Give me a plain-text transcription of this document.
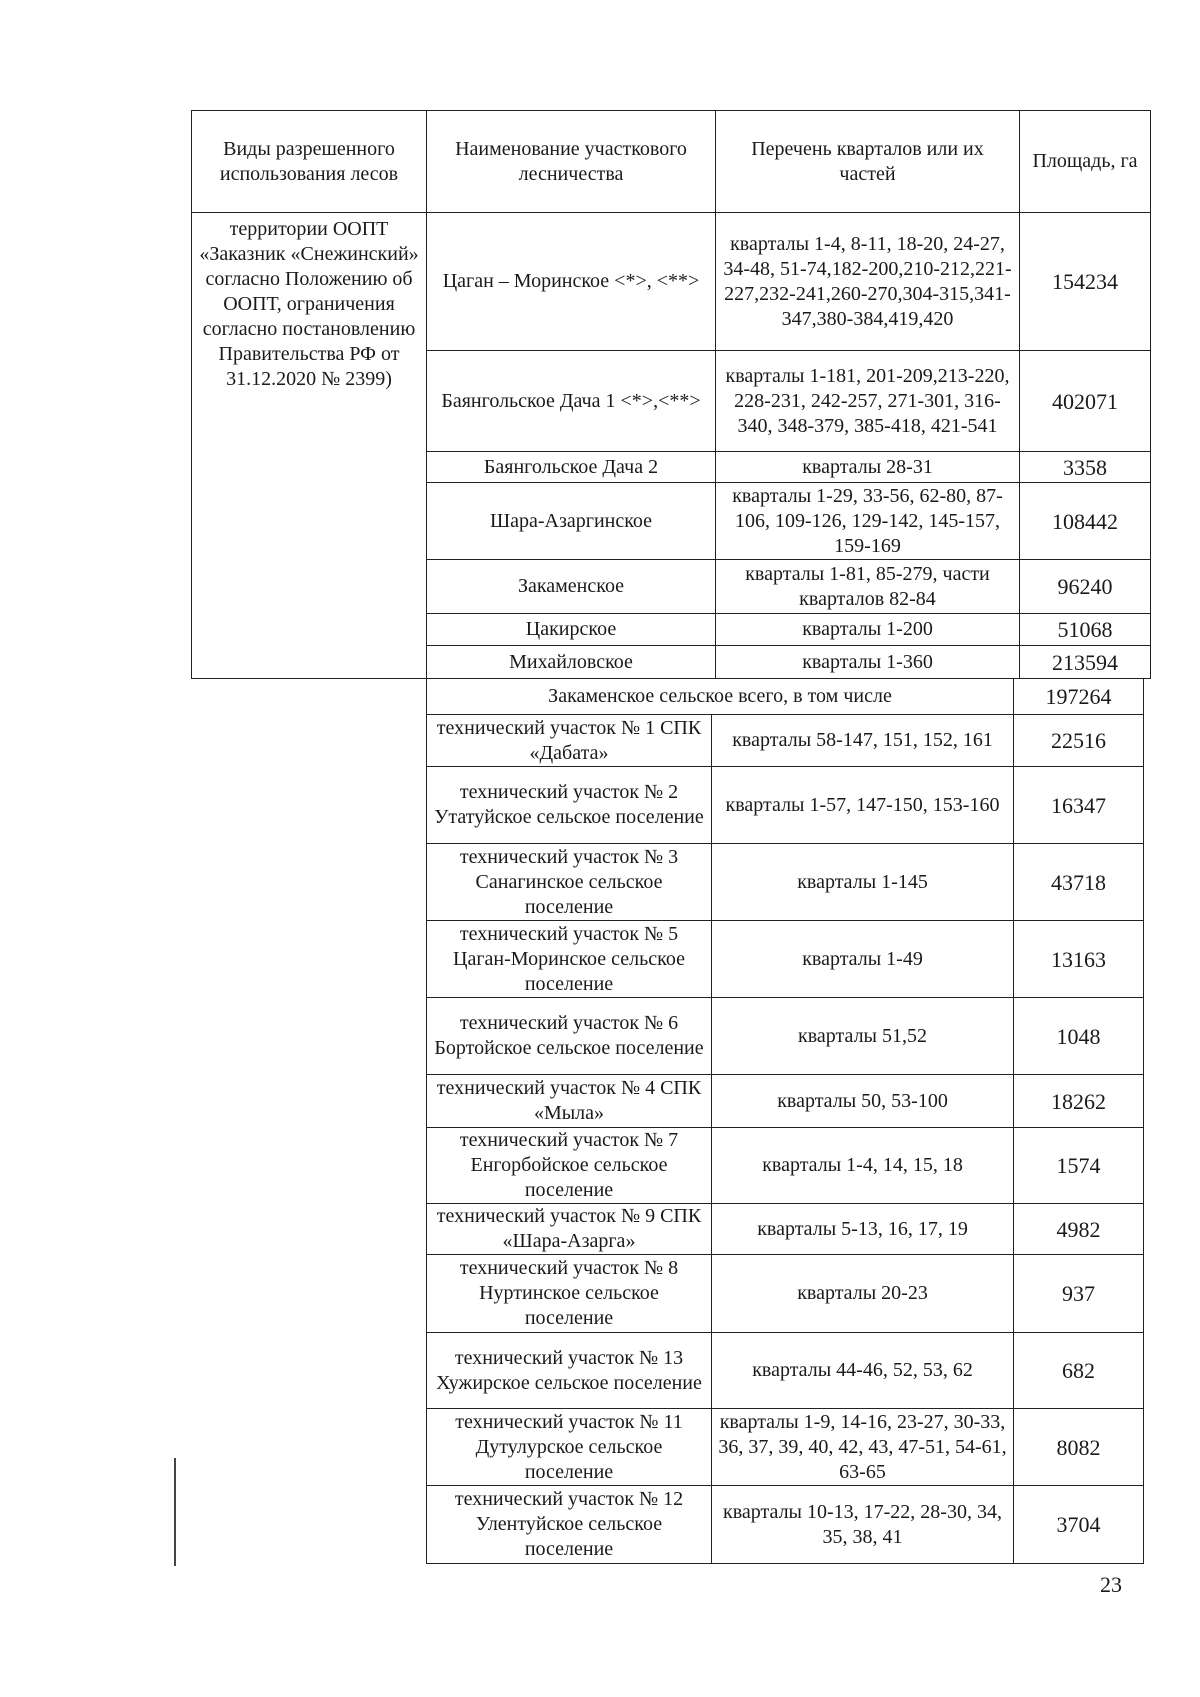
Виды разрешенного использования лесов	Наименование участкового лесничества	Перечень кварталов или их частей	Площадь, га
территории ООПТ «Заказник «Снежинский» согласно Положению об ООПТ, ограничения согласно постановлению Правительства РФ от 31.12.2020 № 2399)	Цаган – Моринское <*>, <**>	кварталы 1-4, 8-11, 18-20, 24-27, 34-48, 51-74,182-200,210-212,221-227,232-241,260-270,304-315,341-347,380-384,419,420	154234
	Баянгольское Дача 1 <*>,<**>	кварталы 1-181, 201-209,213-220, 228-231, 242-257, 271-301, 316-340, 348-379, 385-418, 421-541	402071
	Баянгольское Дача 2	кварталы 28-31	3358
	Шара-Азаргинское	кварталы 1-29, 33-56, 62-80, 87-106, 109-126, 129-142, 145-157, 159-169	108442
	Закаменское	кварталы 1-81, 85-279, части кварталов 82-84	96240
	Цакирское	кварталы 1-200	51068
	Михайловское	кварталы 1-360	213594
Закаменское сельское всего, в том числе		197264
технический участок № 1 СПК «Дабата»	кварталы 58-147, 151, 152, 161	22516
технический участок № 2 Утатуйское сельское поселение	кварталы 1-57, 147-150, 153-160	16347
технический участок № 3 Санагинское сельское поселение	кварталы 1-145	43718
технический участок № 5 Цаган-Моринское сельское поселение	кварталы 1-49	13163
технический участок № 6 Бортойское сельское поселение	кварталы 51,52	1048
технический участок № 4 СПК «Мыла»	кварталы 50, 53-100	18262
технический участок № 7 Енгорбойское сельское поселение	кварталы 1-4, 14, 15, 18	1574
технический участок № 9 СПК «Шара-Азарга»	кварталы 5-13, 16, 17, 19	4982
технический участок № 8 Нуртинское сельское поселение	кварталы 20-23	937
технический участок № 13 Хужирское сельское поселение	кварталы 44-46, 52, 53, 62	682
технический участок № 11 Дутулурское сельское поселение	кварталы 1-9, 14-16, 23-27, 30-33, 36, 37, 39, 40, 42, 43, 47-51, 54-61, 63-65	8082
технический участок № 12 Улентуйское сельское поселение	кварталы 10-13, 17-22, 28-30, 34, 35, 38, 41	3704
23
